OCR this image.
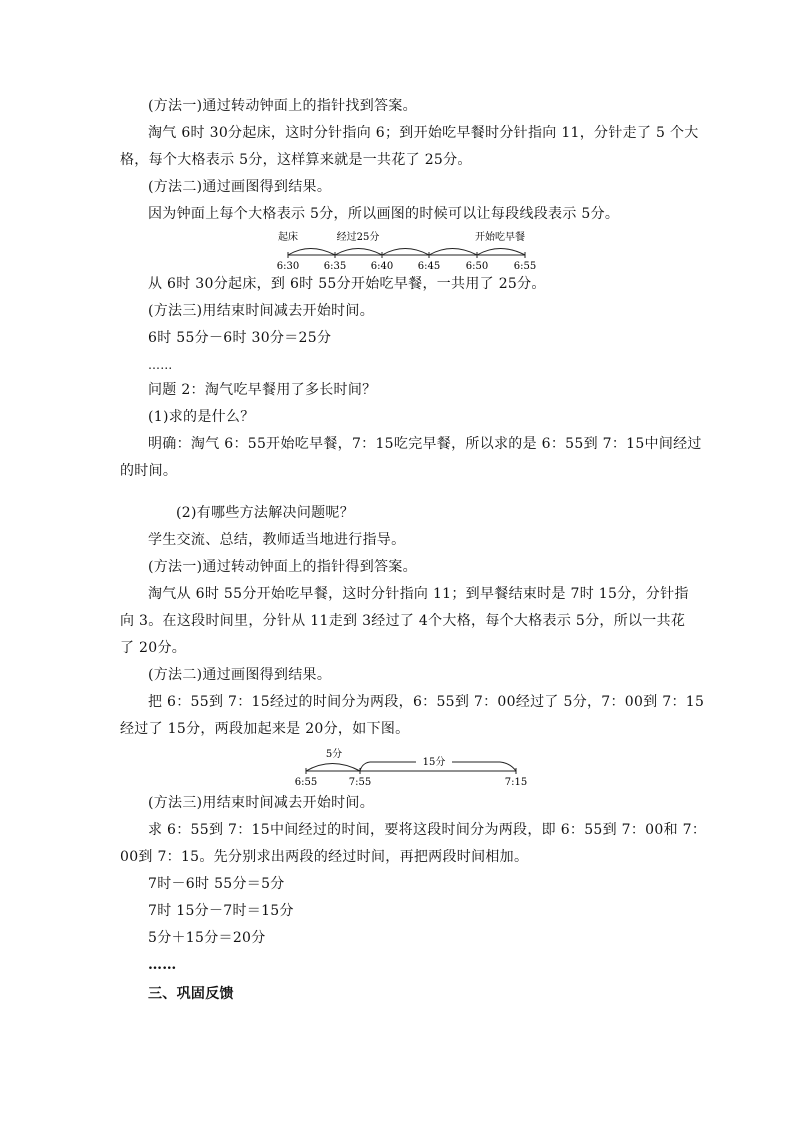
(方法一)通过转动钟面上的指针找到答案。
淘气 6时 30分起床，这时分针指向 6；到开始吃早餐时分针指向 11，分针走了 5 个大
格，每个大格表示 5分，这样算来就是一共花了 25分。
(方法二)通过画图得到结果。
因为钟面上每个大格表示 5分，所以画图的时候可以让每段线段表示 5分。
起床	经过25分	开始吃早餐
6:30 6:35 6:40 6:45	6:50	6:55
从 6时 30分起床，到 6时 55分开始吃早餐，一共用了 25分。
(方法三)用结束时间减去开始时间。
6时 55分－6时 30分＝25分
……
问题 2：淘气吃早餐用了多长时间？
(1)求的是什么？
明确：淘气 6：55开始吃早餐，7：15吃完早餐，所以求的是 6：55到 7：15中间经过
的时间。
(2)有哪些方法解决问题呢？
学生交流、总结，教师适当地进行指导。
(方法一)通过转动钟面上的指针得到答案。
淘气从 6时 55分开始吃早餐，这时分针指向 11；到早餐结束时是 7时 15分，分针指
向 3。在这段时间里，分针从 11走到 3经过了 4个大格，每个大格表示 5分，所以一共花
了 20分。
(方法二)通过画图得到结果。
把 6：55到 7：15经过的时间分为两段，6：55到 7：00经过了 5分，7：00到 7：15
经过了 15分，两段加起来是 20分，如下图。
5分
15分
6:55	7:55	7:15
(方法三)用结束时间减去开始时间。
求 6：55到 7：15中间经过的时间，要将这段时间分为两段，即 6：55到 7：00和 7：
00到 7：15。先分别求出两段的经过时间，再把两段时间相加。
7时－6时 55分＝5分
7时 15分－7时＝15分
5分＋15分＝20分
……
三、巩固反馈
